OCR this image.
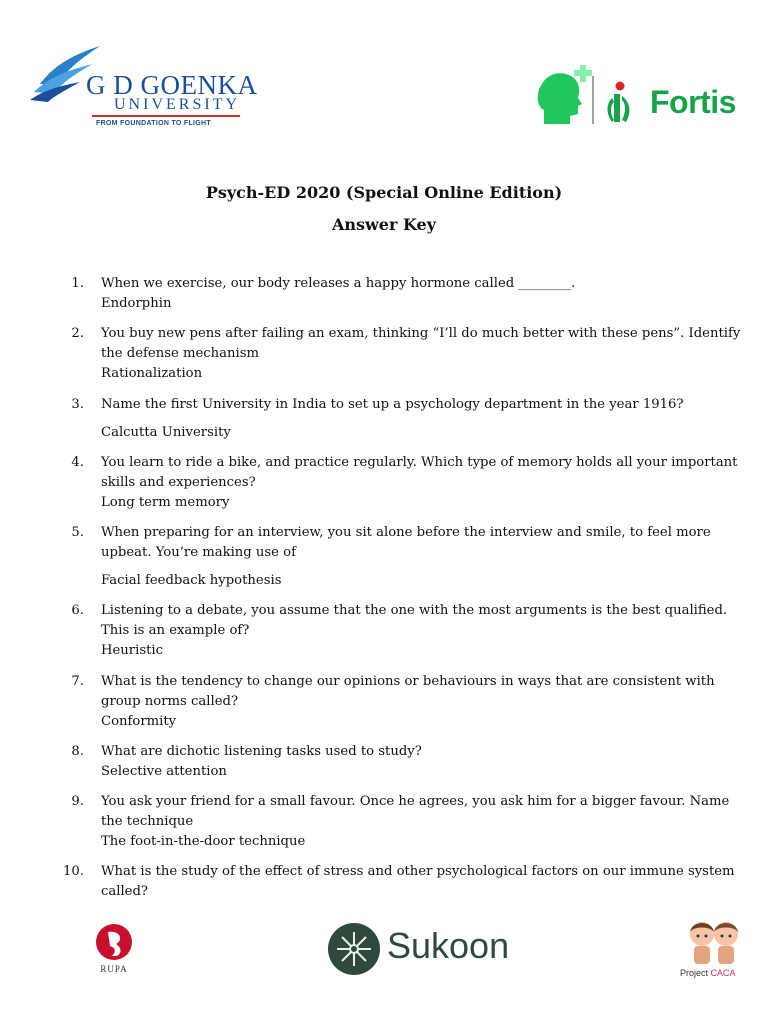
G D GOENKA
UNIVERSITY
FROM FOUNDATION TO FLIGHT
Fortis
Psych-ED 2020 (Special Online Edition)
Answer Key
1. When we exercise, our body releases a happy hormone called ________.
Endorphin
2. You buy new pens after failing an exam, thinking “I’ll do much better with these pens”. Identify the defense mechanism
Rationalization
3. Name the first University in India to set up a psychology department in the year 1916?
Calcutta University
4. You learn to ride a bike, and practice regularly. Which type of memory holds all your important skills and experiences?
Long term memory
5. When preparing for an interview, you sit alone before the interview and smile, to feel more upbeat. You’re making use of
Facial feedback hypothesis
6. Listening to a debate, you assume that the one with the most arguments is the best qualified. This is an example of?
Heuristic
7. What is the tendency to change our opinions or behaviours in ways that are consistent with group norms called?
Conformity
8. What are dichotic listening tasks used to study?
Selective attention
9. You ask your friend for a small favour. Once he agrees, you ask him for a bigger favour. Name the technique
The foot-in-the-door technique
10. What is the study of the effect of stress and other psychological factors on our immune system called?
RUPA
Sukoon
Project CACA
